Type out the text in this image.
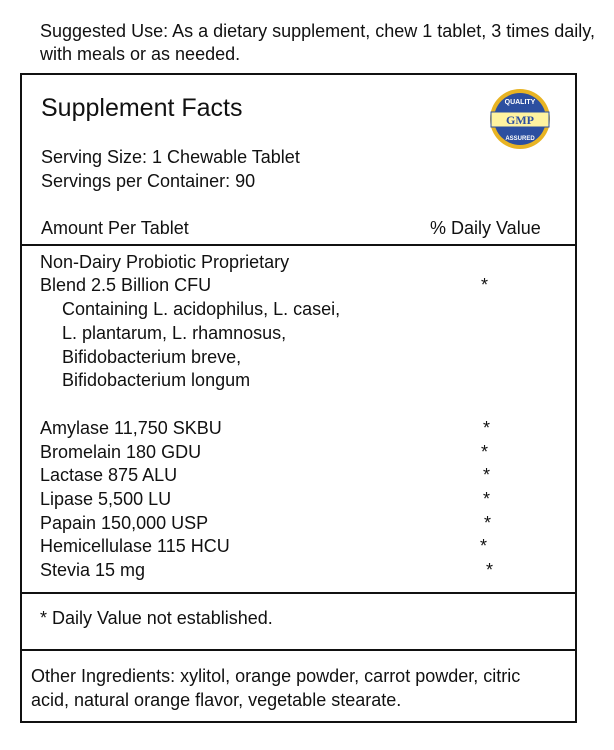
Suggested Use: As a dietary supplement, chew 1 tablet, 3 times daily, with meals or as needed.
Supplement Facts	GMP
QUALITY
ASSURED
Serving Size: 1 Chewable Tablet
Servings per Container: 90
Amount Per Tablet	% Daily Value
Non-Dairy Probiotic Proprietary
Blend 2.5 Billion CFU	*
Containing L. acidophilus, L. casei,
L. plantarum, L. rhamnosus,
Bifidobacterium breve,
Bifidobacterium longum
Amylase 11,750 SKBU	*
Bromelain 180 GDU	*
Lactase 875 ALU	*
Lipase 5,500 LU	*
Papain 150,000 USP	*
Hemicellulase 115 HCU	*
Stevia 15 mg	*
* Daily Value not established.
Other Ingredients: xylitol, orange powder, carrot powder, citric
acid, natural orange flavor, vegetable stearate.
